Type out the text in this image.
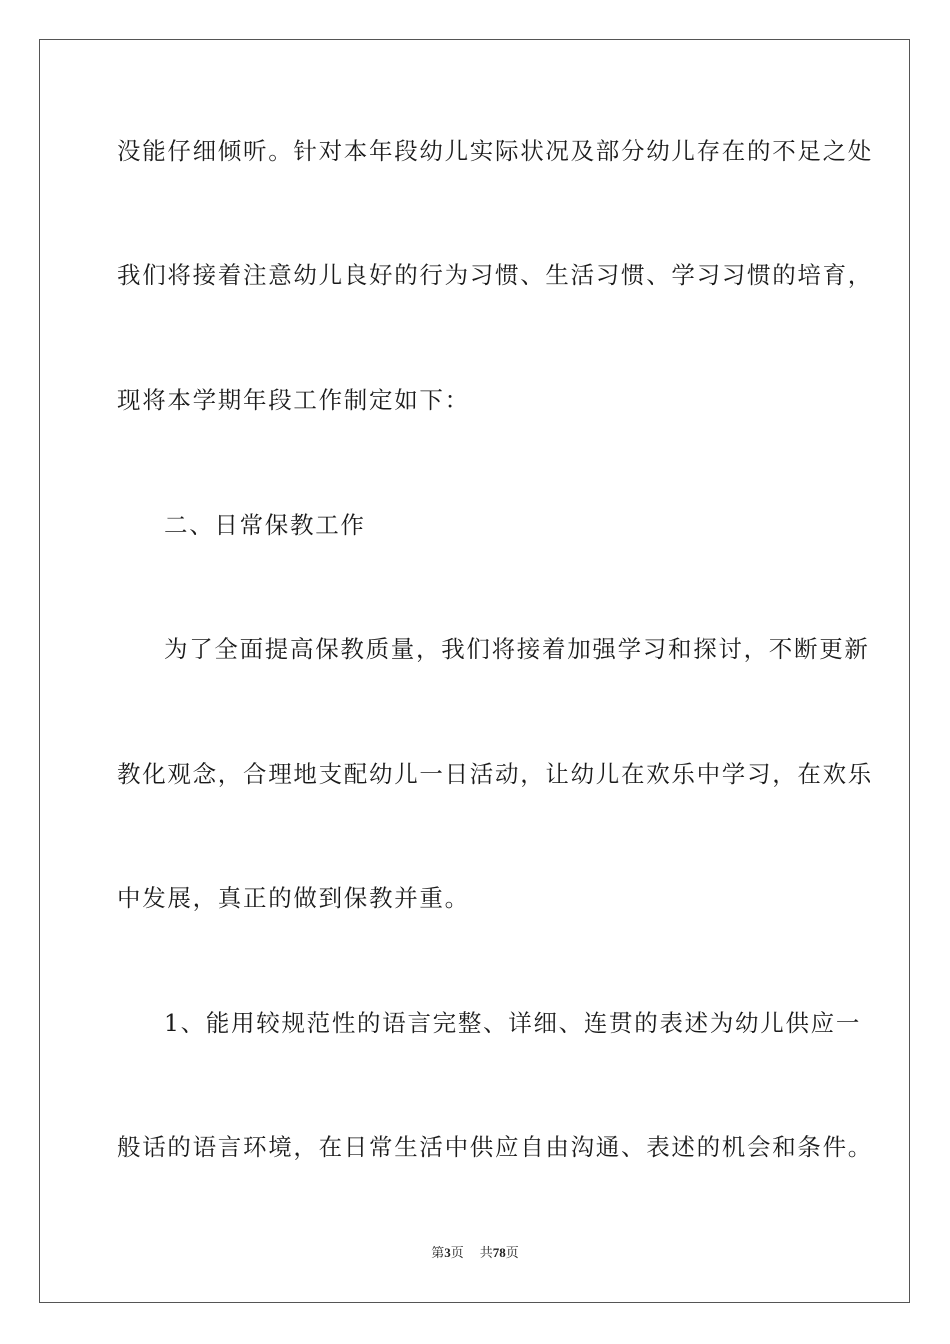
没能仔细倾听。针对本年段幼儿实际状况及部分幼儿存在的不足之处
我们将接着注意幼儿良好的行为习惯、生活习惯、学习习惯的培育，
现将本学期年段工作制定如下：
二、日常保教工作
为了全面提高保教质量，我们将接着加强学习和探讨，不断更新
教化观念，合理地支配幼儿一日活动，让幼儿在欢乐中学习，在欢乐
中发展，真正的做到保教并重。
1、能用较规范性的语言完整、详细、连贯的表述为幼儿供应一
般话的语言环境，在日常生活中供应自由沟通、表述的机会和条件。
第3页 共78页
